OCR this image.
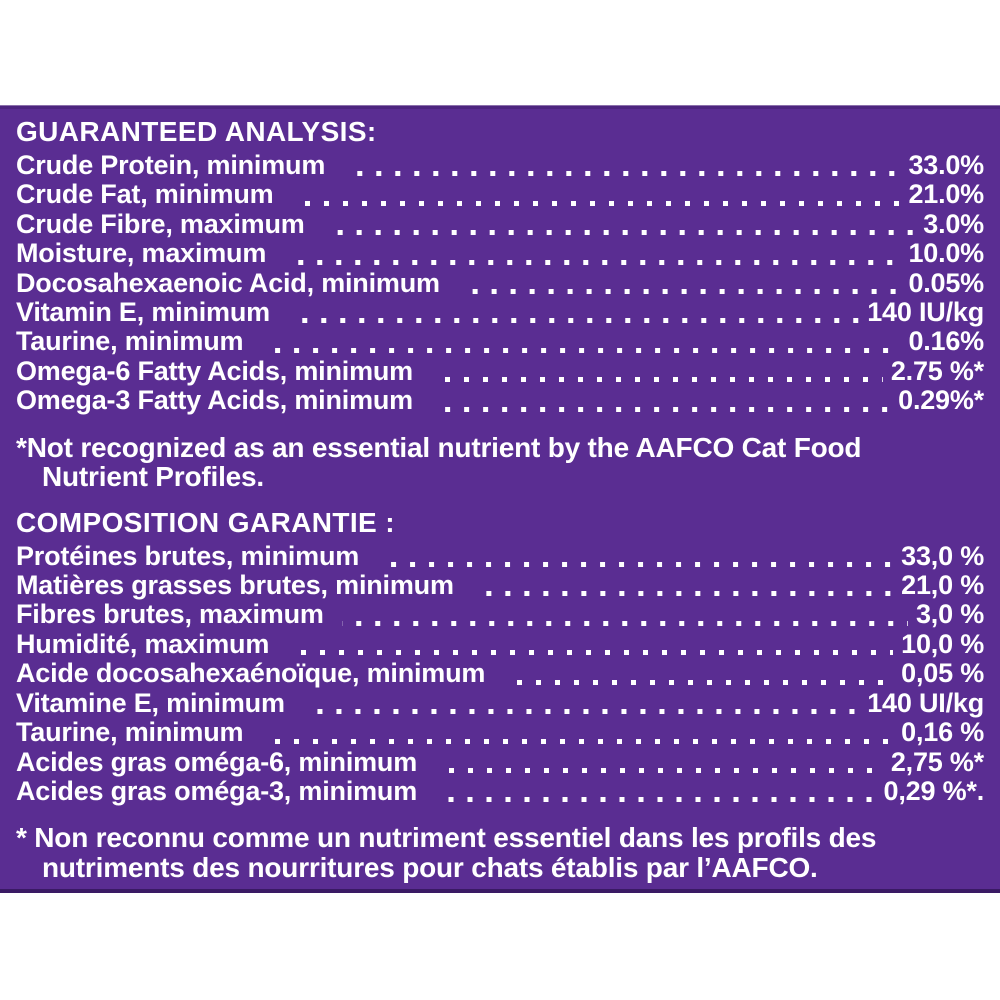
GUARANTEED ANALYSIS:
Crude Protein, minimum	33.0%
Crude Fat, minimum	21.0%
Crude Fibre, maximum	3.0%
Moisture, maximum	10.0%
Docosahexaenoic Acid, minimum	0.05%
Vitamin E, minimum	140 IU/kg
Taurine, minimum	0.16%
Omega-6 Fatty Acids, minimum	2.75 %*
Omega-3 Fatty Acids, minimum	0.29%*
*Not recognized as an essential nutrient by the AAFCO Cat Food
Nutrient Profiles.
COMPOSITION GARANTIE :
Protéines brutes, minimum	33,0 %
Matières grasses brutes, minimum	21,0 %
Fibres brutes, maximum	3,0 %
Humidité, maximum	10,0 %
Acide docosahexaénoïque, minimum	0,05 %
Vitamine E, minimum	140 UI/kg
Taurine, minimum	0,16 %
Acides gras oméga-6, minimum	2,75 %*
Acides gras oméga-3, minimum	0,29 %*.
* Non reconnu comme un nutriment essentiel dans les profils des
nutriments des nourritures pour chats établis par l’AAFCO.
